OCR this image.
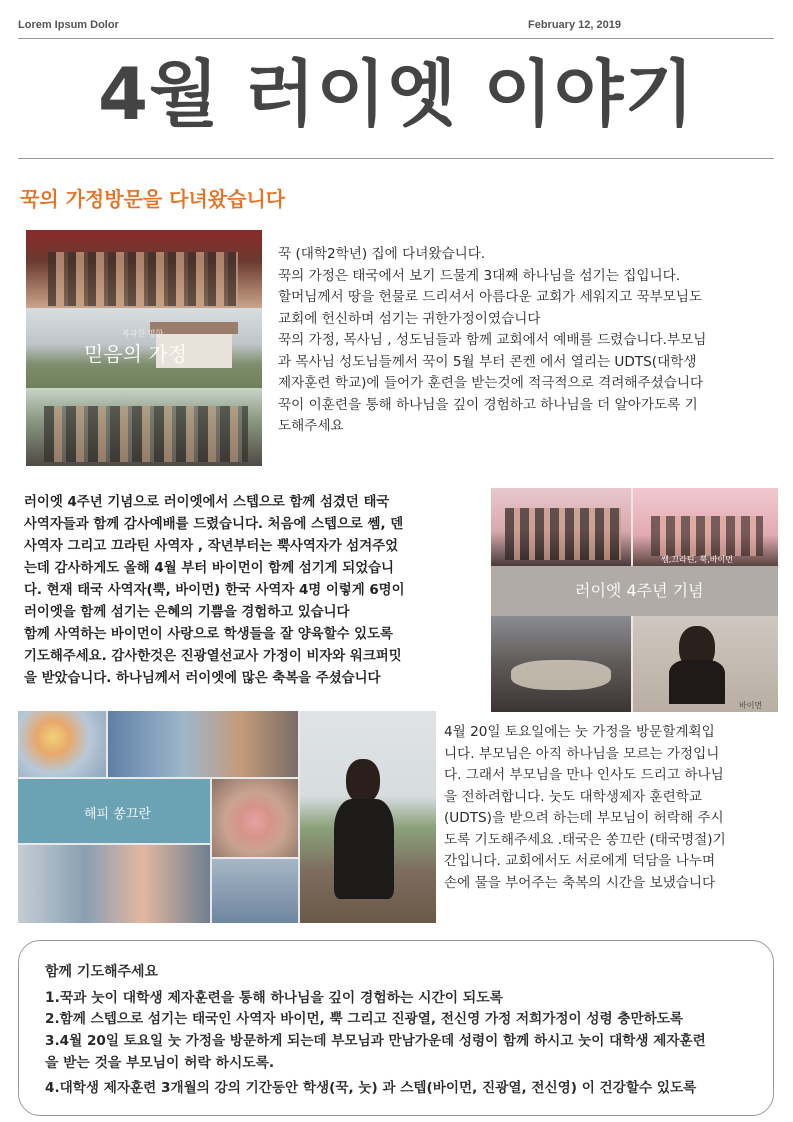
Lorem Ipsum Dolor	February 12, 2019
4월 러이엣 이야기
꾹의 가정방문을 다녀왔습니다
복과한 명한
믿음의 가정
꾹 (대학2학년) 집에 다녀왔습니다.
꾹의 가정은 태국에서 보기 드물게 3대째 하나님을 섬기는 집입니다.
할머님께서 땅을 헌물로 드리셔서 아름다운 교회가 세워지고 꾹부모님도
교회에 헌신하며 섬기는 귀한가정이였습니다
꾹의 가정, 목사님 , 성도님들과 함께 교회에서 예배를 드렸습니다.부모님
과 목사님 성도님들께서 꾹이 5월 부터 콘켄 에서 열리는 UDTS(대학생
제자훈련 학교)에 들어가 훈련을 받는것에 적극적으로 격려해주셨습니다
꾹이 이훈련을 통해 하나님을 깊이 경험하고 하나님을 더 알아가도록 기
도해주세요
러이엣 4주년 기념으로 러이엣에서 스텝으로 함께 섬겼던 태국
사역자들과 함께 감사예배를 드렸습니다. 처음에 스텝으로 쎔, 덴
사역자 그리고 끄라틴 사역자 , 작년부터는 뿍사역자가 섬겨주었
는데 감사하게도 올해 4월 부터 바이먼이 함께 섬기게 되었습니
다. 현재 태국 사역자(뿍, 바이먼) 한국 사역자 4명 이렇게 6명이
러이엣을 함께 섬기는 은혜의 기쁨을 경험하고 있습니다
함께 사역하는 바이먼이 사랑으로 학생들을 잘 양육할수 있도록
기도해주세요. 감사한것은 진광열선교사 가정이 비자와 워크퍼밋
을 받았습니다. 하나님께서 러이엣에 많은 축복을 주셨습니다
쌤,끄라틴, 뿍,바이먼
러이엣 4주년 기념
바이먼
해피 쏭끄란
4월 20일 토요일에는 눗 가정을 방문할계획입
니다. 부모님은 아직 하나님을 모르는 가정입니
다. 그래서 부모님을 만나 인사도 드리고 하나님
을 전하려합니다. 눗도 대학생제자 훈련학교
(UDTS)을 받으려 하는데 부모님이 허락해 주시
도록 기도해주세요 .태국은 쏭끄란 (태국명절)기
간입니다. 교회에서도 서로에게 덕담을 나누며
손에 물을 부어주는 축복의 시간을 보냈습니다
함께 기도해주세요
1.꾹과 눗이 대학생 제자훈련을 통해 하나님을 깊이 경험하는 시간이 되도록
2.함께 스텝으로 섬기는 태국인 사역자 바이먼, 뿍 그리고 진광열, 전신영 가정 저희가정이 성령 충만하도록
3.4월 20일 토요일 눗 가정을 방문하게 되는데 부모님과 만남가운데 성령이 함께 하시고 눗이 대학생 제자훈련
을 받는 것을 부모님이 허락 하시도록.
4.대학생 제자훈련 3개월의 강의 기간동안 학생(꾹, 눗) 과 스텝(바이먼, 진광열, 전신영) 이 건강할수 있도록
